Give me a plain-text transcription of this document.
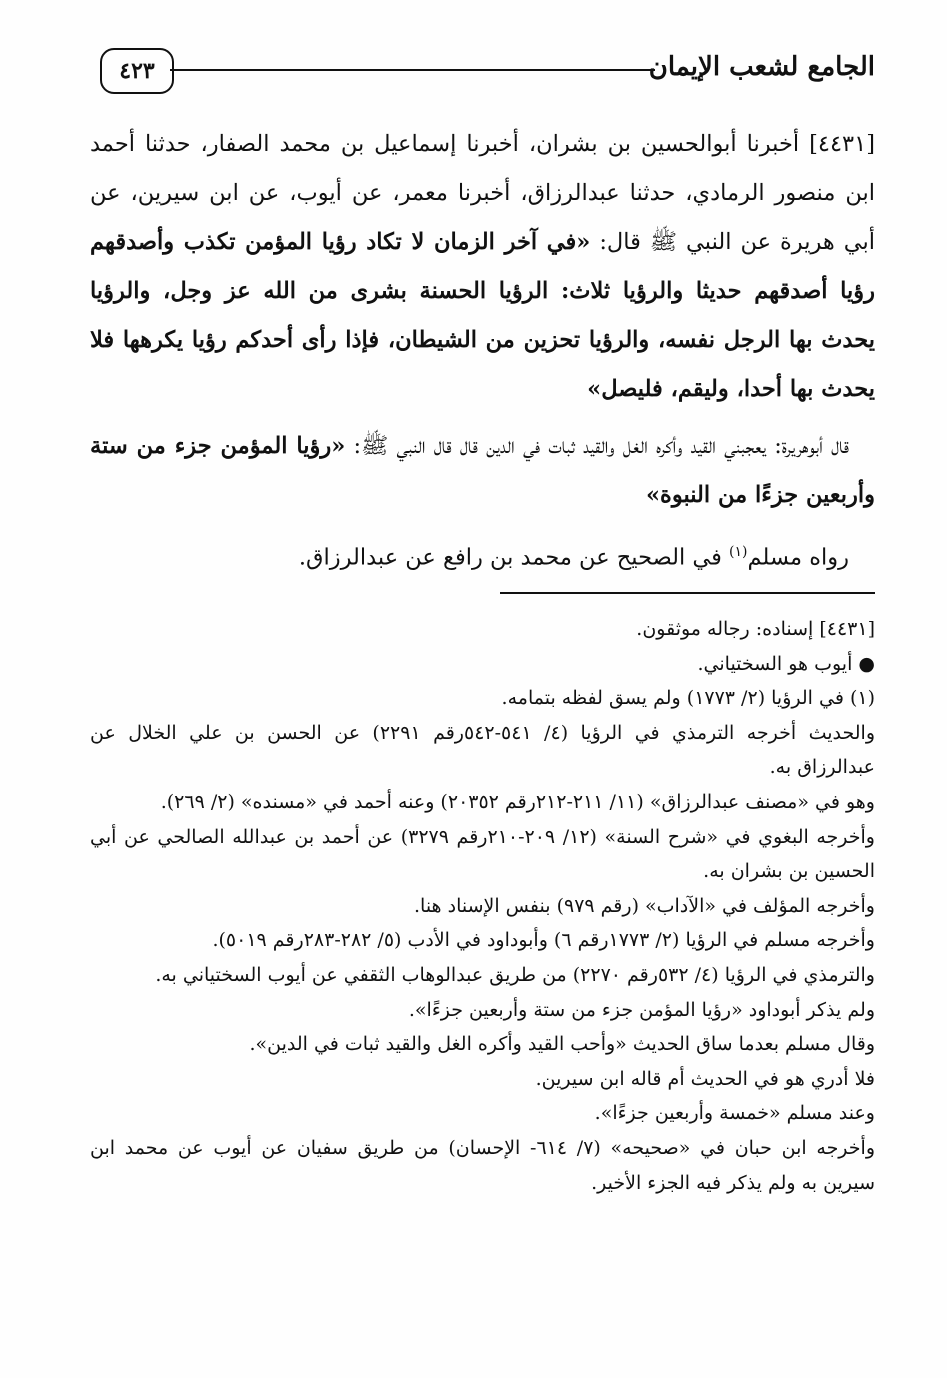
٤٢٣	الجامع لشعب الإيمان

[٤٤٣١] أخبرنا أبوالحسين بن بشران، أخبرنا إسماعيل بن محمد الصفار، حدثنا أحمد ابن منصور الرمادي، حدثنا عبدالرزاق، أخبرنا معمر، عن أيوب، عن ابن سيرين، عن أبي هريرة عن النبي ﷺ قال: «في آخر الزمان لا تكاد رؤيا المؤمن تكذب وأصدقهم رؤيا أصدقهم حديثا والرؤيا ثلاث: الرؤيا الحسنة بشرى من الله عز وجل، والرؤيا يحدث بها الرجل نفسه، والرؤيا تحزين من الشيطان، فإذا رأى أحدكم رؤيا يكرهها فلا يحدث بها أحدا، وليقم، فليصل»

قال أبوهريرة: يعجبني القيد وأكره الغل والقيد ثبات في الدين قال قال النبي ﷺ: «رؤيا المؤمن جزء من ستة وأربعين جزءًا من النبوة»

رواه مسلم$^{(١)}$ في الصحيح عن محمد بن رافع عن عبدالرزاق.

[٤٤٣١] إسناده: رجاله موثقون.

● أيوب هو السختياني.

(١) في الرؤيا (٢/ ١٧٧٣) ولم يسق لفظه بتمامه.

والحديث أخرجه الترمذي في الرؤيا (٤/ ٥٤١-٥٤٢رقم ٢٢٩١) عن الحسن بن علي الخلال عن عبدالرزاق به.

وهو في «مصنف عبدالرزاق» (١١/ ٢١١-٢١٢رقم ٢٠٣٥٢) وعنه أحمد في «مسنده» (٢/ ٢٦٩).

وأخرجه البغوي في «شرح السنة» (١٢/ ٢٠٩-٢١٠رقم ٣٢٧٩) عن أحمد بن عبدالله الصالحي عن أبي الحسين بن بشران به.

وأخرجه المؤلف في «الآداب» (رقم ٩٧٩) بنفس الإسناد هنا.

وأخرجه مسلم في الرؤيا (٢/ ١٧٧٣رقم ٦) وأبوداود في الأدب (٥/ ٢٨٢-٢٨٣رقم ٥٠١٩).

والترمذي في الرؤيا (٤/ ٥٣٢رقم ٢٢٧٠) من طريق عبدالوهاب الثقفي عن أيوب السختياني به.

ولم يذكر أبوداود «رؤيا المؤمن جزء من ستة وأربعين جزءًا».

وقال مسلم بعدما ساق الحديث «وأحب القيد وأكره الغل والقيد ثبات في الدين».

فلا أدري هو في الحديث أم قاله ابن سيرين.

وعند مسلم «خمسة وأربعين جزءًا».

وأخرجه ابن حبان في «صحيحه» (٧/ ٦١٤- الإحسان) من طريق سفيان عن أيوب عن محمد ابن سيرين به ولم يذكر فيه الجزء الأخير.
